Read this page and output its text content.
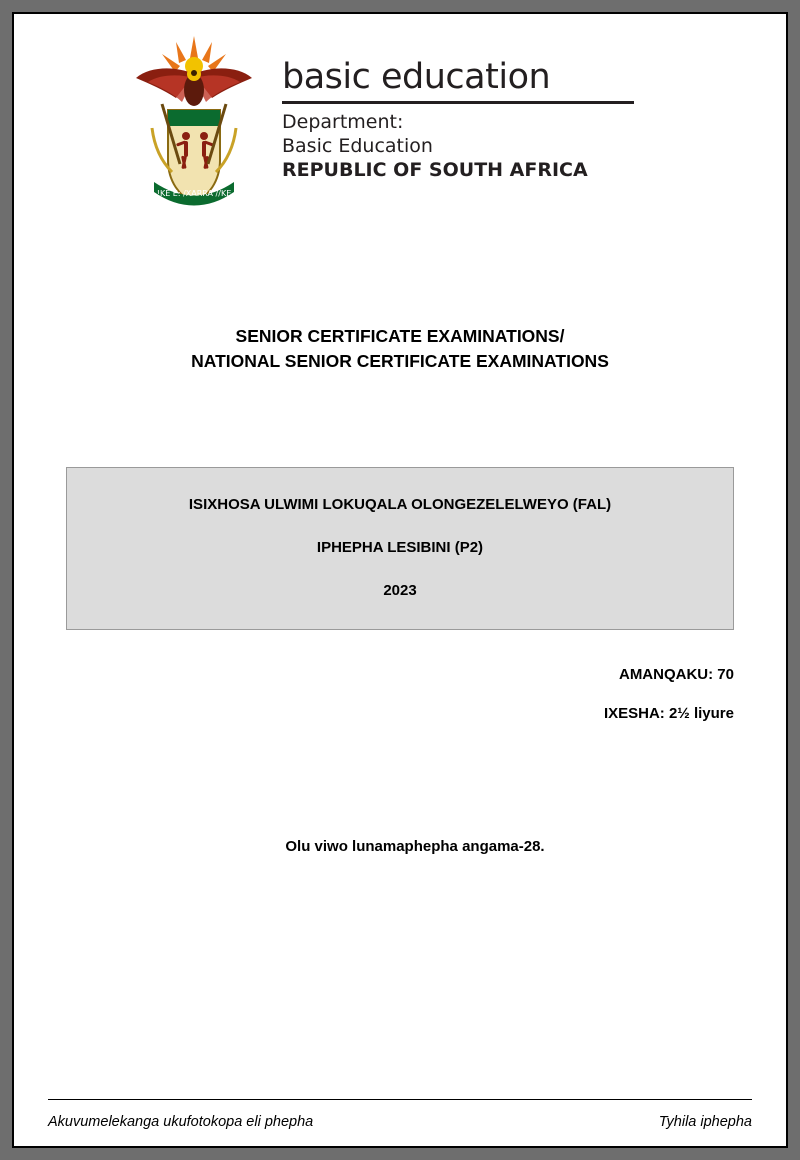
!KE E: /XARRA //KE
basic education
Department:
Basic Education
REPUBLIC OF SOUTH AFRICA
SENIOR CERTIFICATE EXAMINATIONS/
NATIONAL SENIOR CERTIFICATE EXAMINATIONS
ISIXHOSA ULWIMI LOKUQALA OLONGEZELELWEYO (FAL)
IPHEPHA LESIBINI (P2)
2023
AMANQAKU: 70
IXESHA: 2½ liyure
Olu viwo lunamaphepha angama-28.
Akuvumelekanga ukufotokopa eli phepha	Tyhila iphepha
